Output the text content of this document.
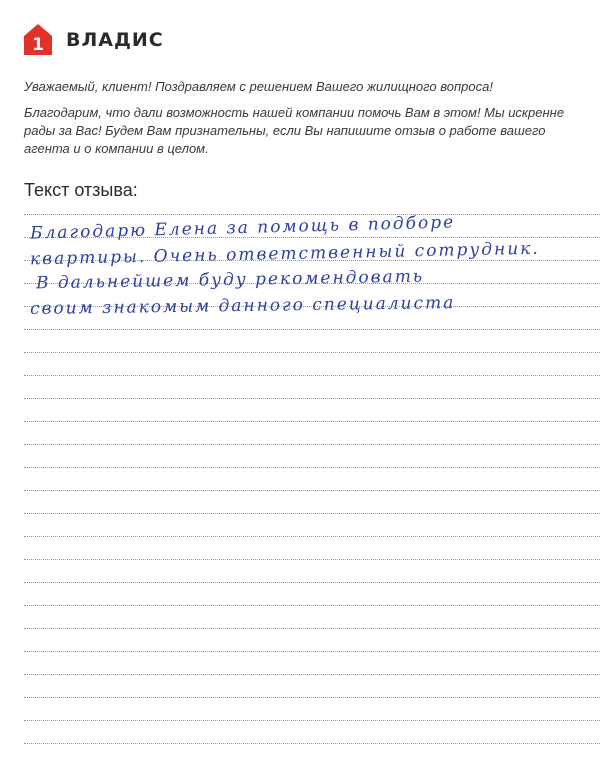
1 ВЛАДИС

Уважаемый, клиент! Поздравляем с решением Вашего жилищного вопроса!

Благодарим, что дали возможность нашей компании помочь Вам в этом! Мы искренне рады за Вас! Будем Вам признательны, если Вы напишите отзыв о работе вашего агента и о компании в целом.

Текст отзыва:
Благодарю Елена за помощь в подборе
квартиры. Очень ответственный сотрудник.
В дальнейшем буду рекомендовать
своим знакомым данного специалиста
